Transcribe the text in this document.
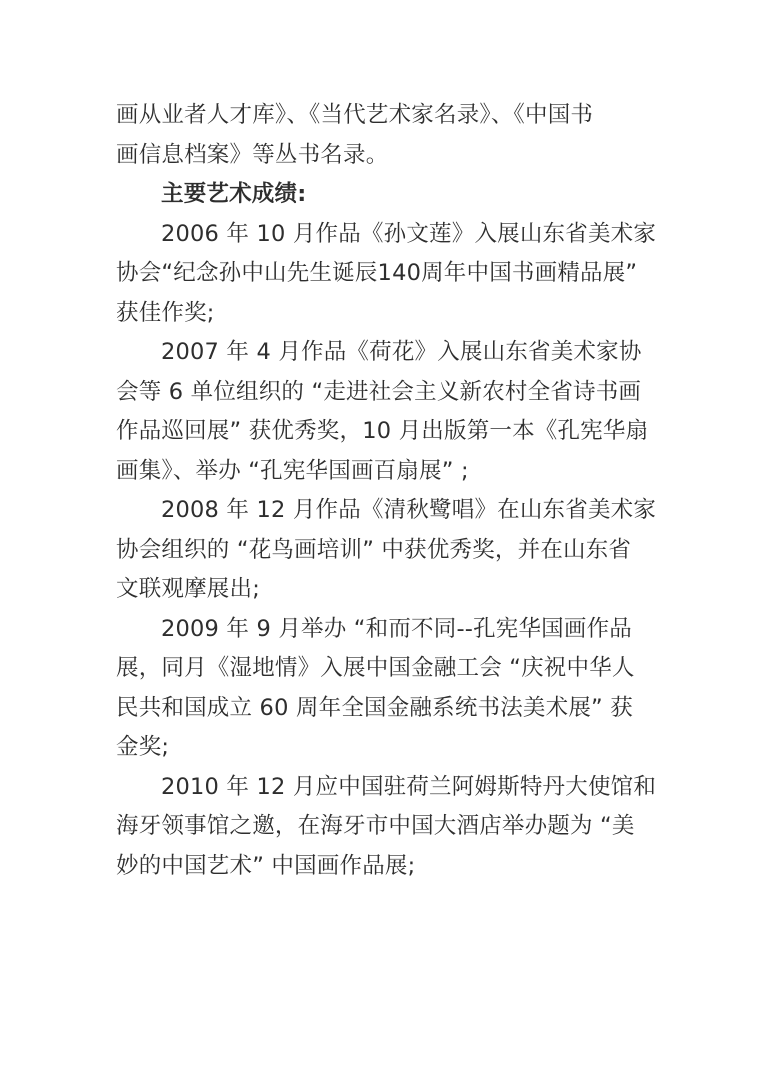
画从业者人才库》、《当代艺术家名录》、《中国书
画信息档案》等丛书名录。
主要艺术成绩:
2006 年 10 月作品《孙文莲》入展山东省美术家
协会“纪念孙中山先生诞辰140周年中国书画精品展”
获佳作奖;
2007 年 4 月作品《荷花》入展山东省美术家协
会等 6 单位组织的 “走进社会主义新农村全省诗书画
作品巡回展” 获优秀奖，10 月出版第一本《孔宪华扇
画集》、举办 “孔宪华国画百扇展” ;
2008 年 12 月作品《清秋鹭唱》在山东省美术家
协会组织的 “花鸟画培训” 中获优秀奖，并在山东省
文联观摩展出;
2009 年 9 月举办 “和而不同--孔宪华国画作品
展，同月《湿地情》入展中国金融工会 “庆祝中华人
民共和国成立 60 周年全国金融系统书法美术展” 获
金奖;
2010 年 12 月应中国驻荷兰阿姆斯特丹大使馆和
海牙领事馆之邀，在海牙市中国大酒店举办题为 “美
妙的中国艺术” 中国画作品展;
